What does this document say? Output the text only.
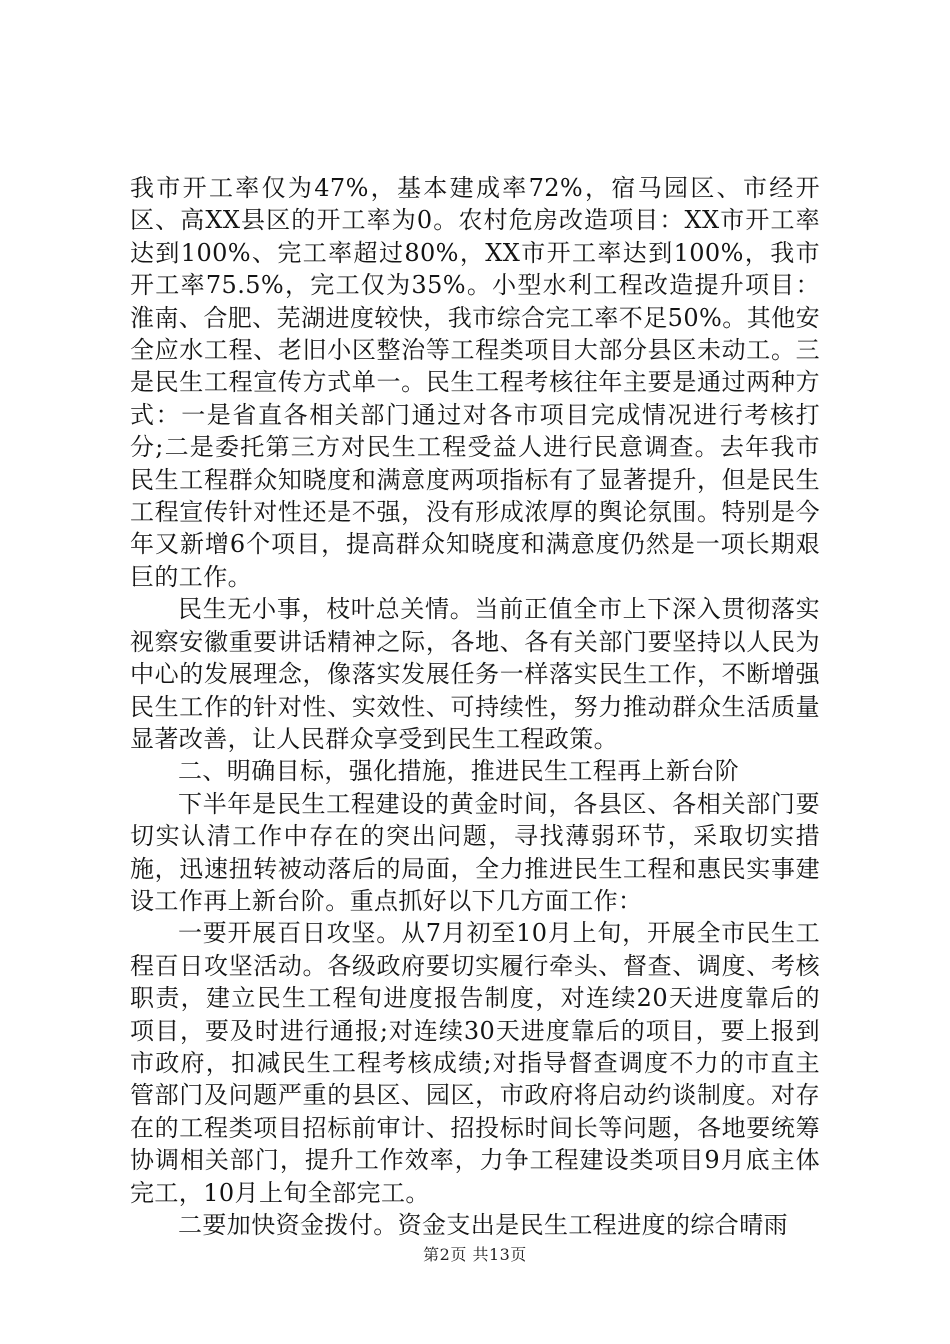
我市开工率仅为47%，基本建成率72%，宿马园区、市经开区、高XX县区的开工率为0。农村危房改造项目：XX市开工率达到100%、完工率超过80%，XX市开工率达到100%，我市开工率75.5%，完工仅为35%。小型水利工程改造提升项目：淮南、合肥、芜湖进度较快，我市综合完工率不足50%。其他安全应水工程、老旧小区整治等工程类项目大部分县区未动工。三是民生工程宣传方式单一。民生工程考核往年主要是通过两种方式：一是省直各相关部门通过对各市项目完成情况进行考核打分;二是委托第三方对民生工程受益人进行民意调查。去年我市民生工程群众知晓度和满意度两项指标有了显著提升，但是民生工程宣传针对性还是不强，没有形成浓厚的舆论氛围。特别是今年又新增6个项目，提高群众知晓度和满意度仍然是一项长期艰巨的工作。

民生无小事，枝叶总关情。当前正值全市上下深入贯彻落实视察安徽重要讲话精神之际，各地、各有关部门要坚持以人民为中心的发展理念，像落实发展任务一样落实民生工作，不断增强民生工作的针对性、实效性、可持续性，努力推动群众生活质量显著改善，让人民群众享受到民生工程政策。

二、明确目标，强化措施，推进民生工程再上新台阶

下半年是民生工程建设的黄金时间，各县区、各相关部门要切实认清工作中存在的突出问题，寻找薄弱环节，采取切实措施，迅速扭转被动落后的局面，全力推进民生工程和惠民实事建设工作再上新台阶。重点抓好以下几方面工作：

一要开展百日攻坚。从7月初至10月上旬，开展全市民生工程百日攻坚活动。各级政府要切实履行牵头、督查、调度、考核职责，建立民生工程旬进度报告制度，对连续20天进度靠后的项目，要及时进行通报;对连续30天进度靠后的项目，要上报到市政府，扣减民生工程考核成绩;对指导督查调度不力的市直主管部门及问题严重的县区、园区，市政府将启动约谈制度。对存在的工程类项目招标前审计、招投标时间长等问题，各地要统筹协调相关部门，提升工作效率，力争工程建设类项目9月底主体完工，10月上旬全部完工。

二要加快资金拨付。资金支出是民生工程进度的综合晴雨

第2页 共13页
